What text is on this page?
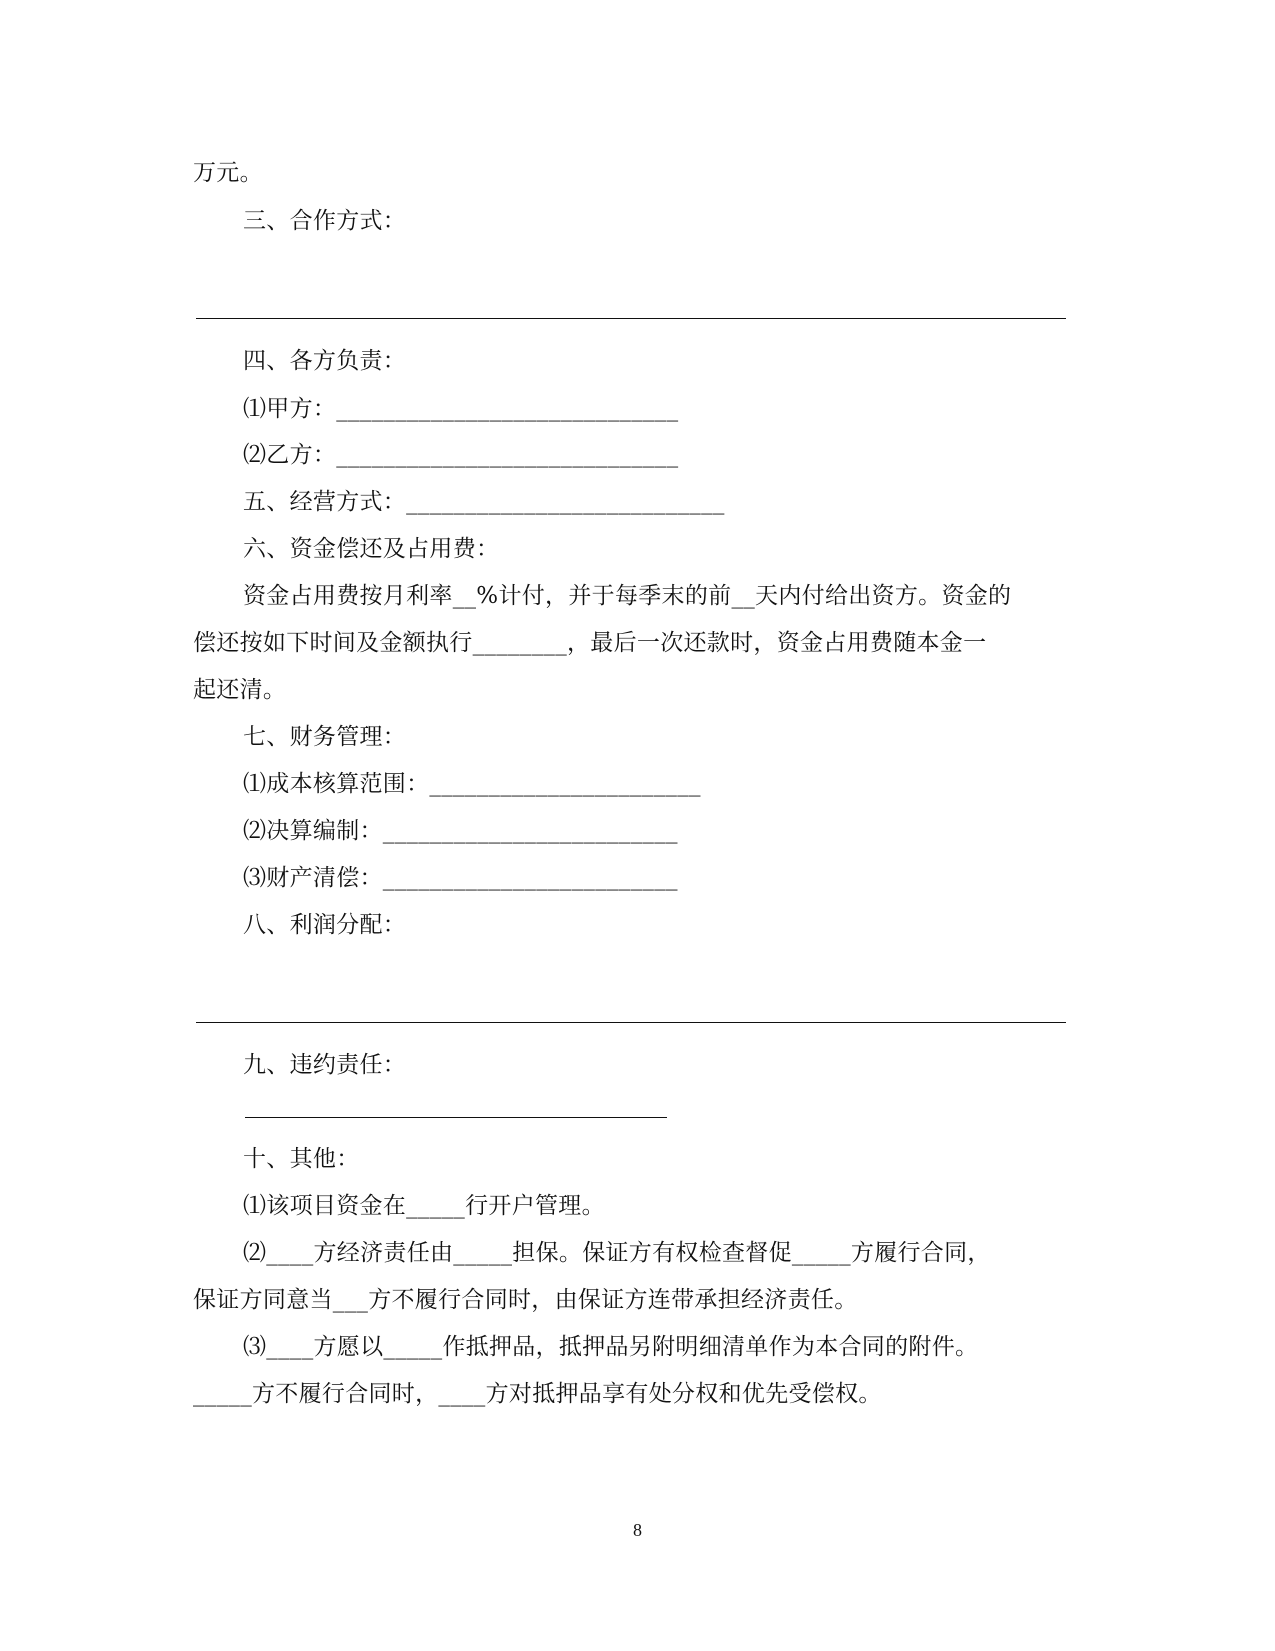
万元。
三、合作方式：
四、各方负责：
⑴甲方：_____________________________
⑵乙方：_____________________________
五、经营方式：___________________________
六、资金偿还及占用费：
资金占用费按月利率__%计付，并于每季末的前__天内付给出资方。资金的
偿还按如下时间及金额执行________，最后一次还款时，资金占用费随本金一
起还清。
七、财务管理：
⑴成本核算范围：_______________________
⑵决算编制：_________________________
⑶财产清偿：_________________________
八、利润分配：
九、违约责任：
十、其他：
⑴该项目资金在_____行开户管理。
⑵____方经济责任由_____担保。保证方有权检查督促_____方履行合同，
保证方同意当___方不履行合同时，由保证方连带承担经济责任。
⑶____方愿以_____作抵押品，抵押品另附明细清单作为本合同的附件。
_____方不履行合同时，____方对抵押品享有处分权和优先受偿权。
8
